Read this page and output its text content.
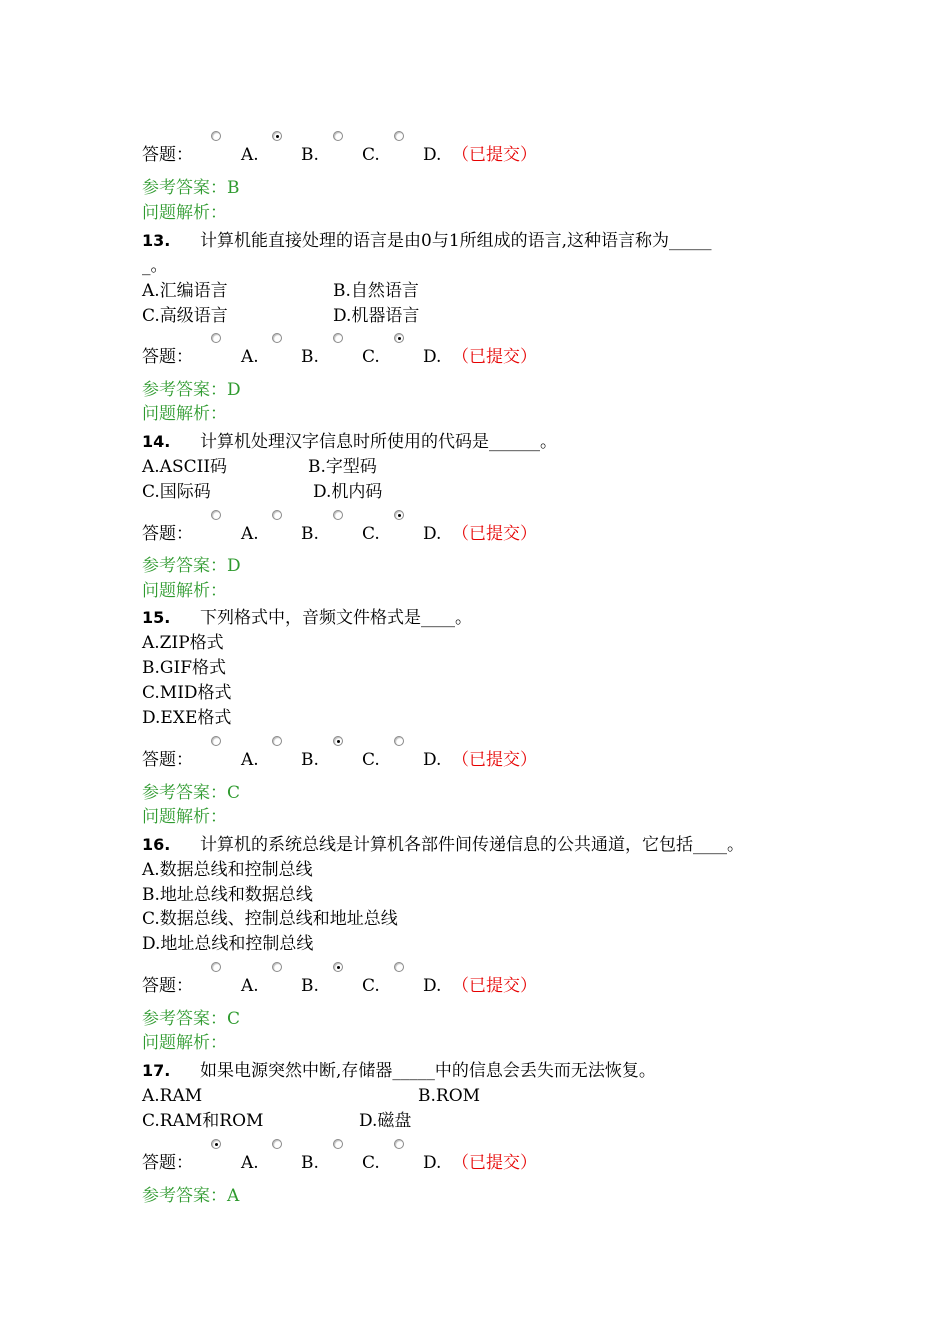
答题：	A. B.	C.	D. （已提交）
参考答案：B
问题解析：
13. 计算机能直接处理的语言是由0与1所组成的语言,这种语言称为_____
_。
A.汇编语言	B.自然语言
C.高级语言	D.机器语言
答题：	A. B.	C.	D. （已提交）
参考答案：D
问题解析：
14. 计算机处理汉字信息时所使用的代码是______。
A.ASCII码	B.字型码
C.国际码	D.机内码
答题：	A. B.	C.	D. （已提交）
参考答案：D
问题解析：
15. 下列格式中，音频文件格式是____。
A.ZIP格式
B.GIF格式
C.MID格式
D.EXE格式
答题：	A. B.	C.	D. （已提交）
参考答案：C
问题解析：
16. 计算机的系统总线是计算机各部件间传递信息的公共通道，它包括____。
A.数据总线和控制总线
B.地址总线和数据总线
C.数据总线、控制总线和地址总线
D.地址总线和控制总线
答题：	A. B.	C.	D. （已提交）
参考答案：C
问题解析：
17. 如果电源突然中断,存储器_____中的信息会丢失而无法恢复。
A.RAM	B.ROM
C.RAM和ROM	D.磁盘
答题：	A. B.	C.	D. （已提交）
参考答案：A
